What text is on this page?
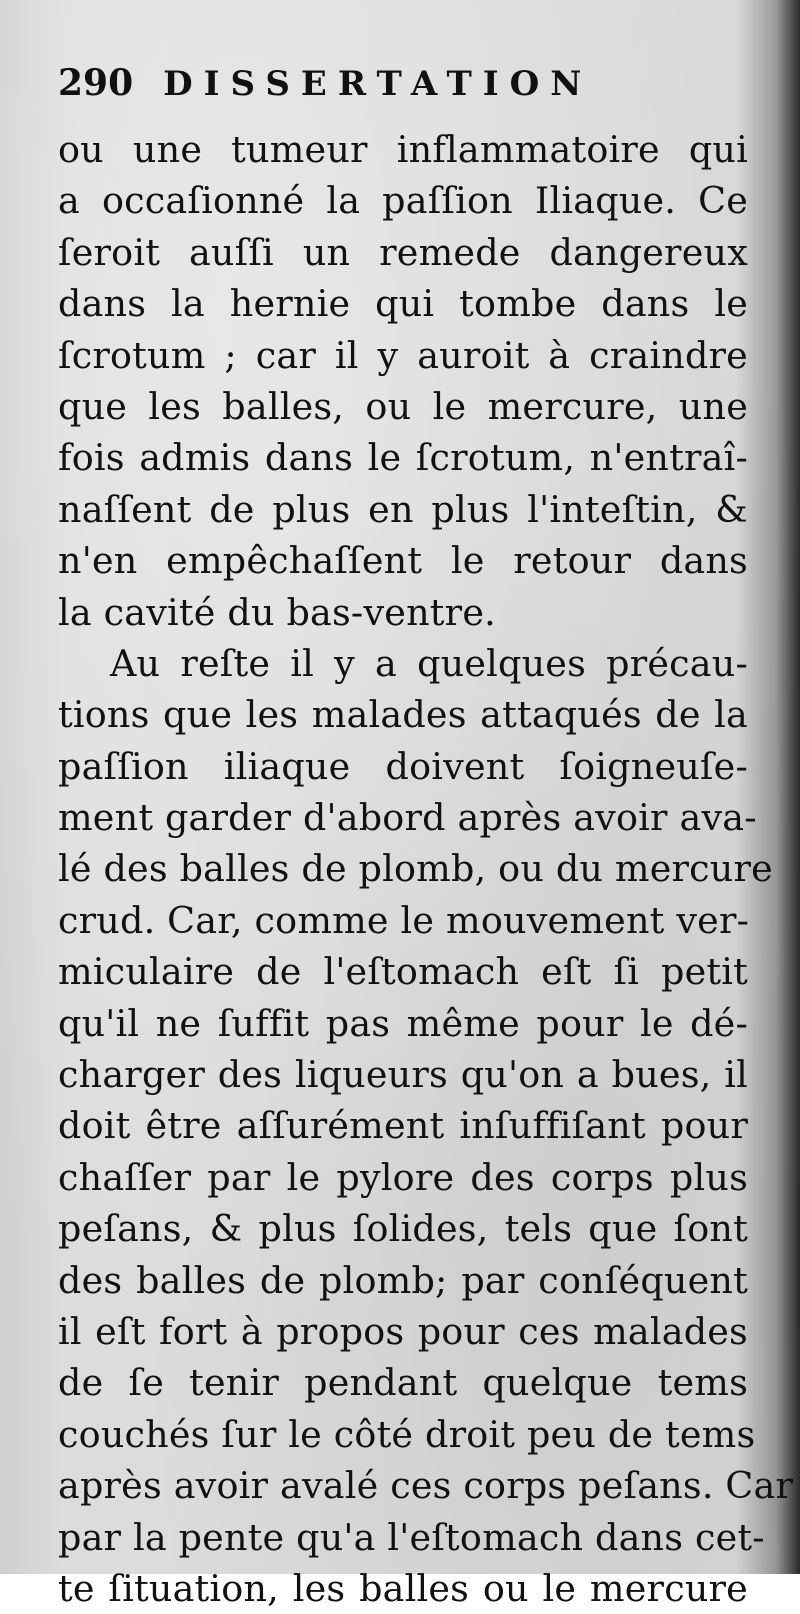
290 DISSERTATION
ou une tumeur inflammatoire qui
a occaſionné la paſſion Iliaque. Ce
ſeroit auſſi un remede dangereux
dans la hernie qui tombe dans le
ſcrotum ; car il y auroit à craindre
que les balles, ou le mercure, une
fois admis dans le ſcrotum, n'entraî-
naſſent de plus en plus l'inteſtin, &
n'en empêchaſſent le retour dans
la cavité du bas-ventre.
Au reſte il y a quelques précau-
tions que les malades attaqués de la
paſſion iliaque doivent ſoigneuſe-
ment garder d'abord après avoir ava-
lé des balles de plomb, ou du mercure
crud. Car, comme le mouvement ver-
miculaire de l'eſtomach eſt ſi petit
qu'il ne ſuffit pas même pour le dé-
charger des liqueurs qu'on a bues, il
doit être aſſurément inſuffiſant pour
chaſſer par le pylore des corps plus
peſans, & plus ſolides, tels que ſont
des balles de plomb; par conſéquent
il eſt fort à propos pour ces malades
de ſe tenir pendant quelque tems
couchés ſur le côté droit peu de tems
après avoir avalé ces corps peſans. Car
par la pente qu'a l'eſtomach dans cet-
te ſituation, les balles ou le mercure
